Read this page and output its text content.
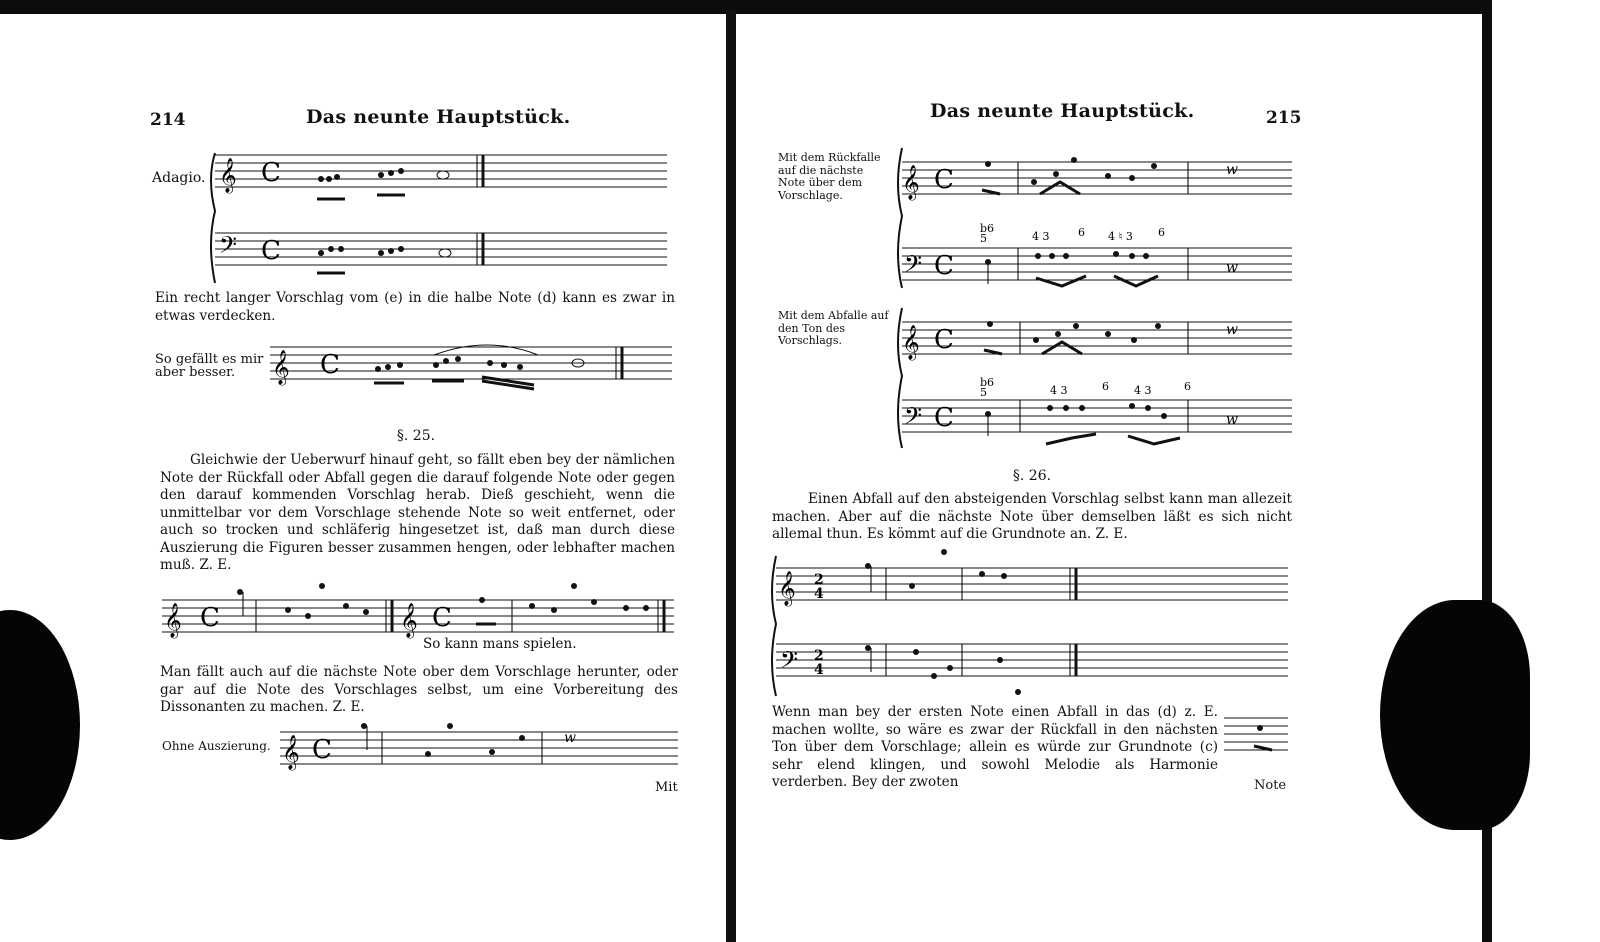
214	Das neunte Hauptstück.
Adagio. 𝄞
𝄢
C
C
Ein recht langer Vorschlag vom (e) in die halbe Note (d) kann es zwar in etwas verdecken.
So gefällt es mir aber besser.	𝄞 C
§. 25.
Gleichwie der Ueberwurf hinauf geht, so fällt eben bey der nämlichen Note der Rückfall oder Abfall gegen die darauf folgende Note oder gegen den darauf kommenden Vorschlag herab. Dieß geschieht, wenn die unmittelbar vor dem Vorschlage stehende Note so weit entfernet, oder auch so trocken und schläferig hingesetzet ist, daß man durch diese Auszierung die Figuren besser zusammen hengen, oder lebhafter machen muß. Z. E.
𝄞 C	𝄞 C
So kann mans spielen.
Man fällt auch auf die nächste Note ober dem Vorschlage herunter, oder gar auf die Note des Vorschlages selbst, um eine Vorbereitung des Dissonanten zu machen. Z. E.
Ohne Auszierung. 𝄞 C	w
Mit
Das neunte Hauptstück.	215
Mit dem Rückfalle auf die nächste Note über dem Vorschlage.	𝄞
𝄢
C
C
w
b6
5	4 3	6 4 ♮ 3 6
w
Mit dem Abfalle auf den Ton des Vorschlags.	𝄞
𝄢
C
C
w
b6
5	4 3	6 4 3	6
w
§. 26.
Einen Abfall auf den absteigenden Vorschlag selbst kann man allezeit machen. Aber auf die nächste Note über demselben läßt es sich nicht allemal thun. Es kömmt auf die Grundnote an. Z. E.
𝄞
𝄢
2
4
2
4
Wenn man bey der ersten Note einen Abfall in das (d) z. E. machen wollte, so wäre es zwar der Rückfall in den nächsten Ton über dem Vorschlage; allein es würde zur Grundnote (c) sehr elend klingen, und sowohl Melodie als Harmonie verderben. Bey der zwoten	Note
